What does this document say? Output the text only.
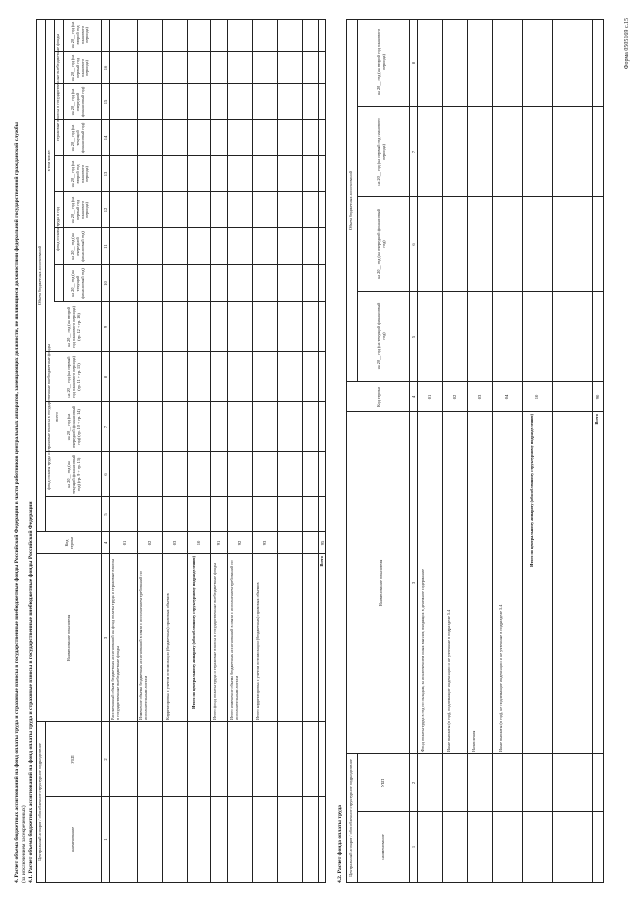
Форма 0505169 с.15
4. Расчет объема бюджетных ассигнований на фонд оплаты труда и страховые взносы в государственные внебюджетные фонды Российской Федерации в части работников центральных аппаратов, замещающих должности, не являющиеся должностями федеральной государственной гражданской службы (за исключением засекреченных) 4.1. Расчет объема бюджетных ассигнований на фонд оплаты труда и страховые взносы в государственные внебюджетные фонды Российской Федерации Центральный аппарат / обособленное структурное подразделение	наименование
УБП
Наименование показателя
Код строки
Объем бюджетных ассигнований
фонд оплаты труда и страховые взносы в государственные внебюджетные фонды всего
в том числе:
фонд оплаты труда в год
страховые взносы в государственные внебюджетные фонды
на 20__ год (на текущий финансовый год) (гр. 9 + гр. 13)
на 20__ год (на очередной финансовый год) (гр. 10 + гр. 14)
на 20__ год (на первый год планового периода) (гр. 11 + гр. 15)
на 20__ год (на второй год планового периода) (гр. 12 + гр. 16)
на 20__ год (на текущий финансовый год)
на 20__ год (на очередной финансовый год)
на 20__ год (на первый год планового периода)
на 20__ год (на второй год планового периода)
на 20__ год (на текущий финансовый год)
на 20__ год (на очередной финансовый год)
на 20__ год (на первый год планового периода)
на 20__ год (на второй год планового периода)
1
2
3
4
5
6
7
8
9
10
11
12
13
14
15
16
Рассчитанный объем бюджетных ассигнований на фонд оплаты труда и страховые взносы в государственные внебюджетные фонды
01
Изменение объема бюджетных ассигнований в связи с исполнением требований по исполнительным листам
02
Корректировка с учетом оптимизации (бюджетных) правовых объемов
03
Итого по центральному аппарату (обособленному структурному подразделению)
10
Итого фонд оплаты труда и страховые взносы в государственные внебюджетные фонды
91
Итого изменение объема бюджетных ассигнований в связи с исполнением требований по исполнительным листам
92
Итого корректировка с учетом оптимизации (бюджетных) правовых объемов
93
Всего
95
4.2. Расчет фонда оплаты труда Центральный аппарат / обособленное структурное подразделение	наименование
УБП
Наименование показателя
Код строки
Объем бюджетных ассигнований
на 20__ год (на текущий финансовый год)
на 20__ год (на очередной финансовый год)
на 20__ год (на первый год планового периода)
на 20__ год (на второй год планового периода)
1
2
3
4
5
6
7
8
Фонд оплаты труда в год по окладам, за исключением иных выплат, входящих в денежное содержание
01
Иные выплаты (в год), подлежащие индексации и не учтенные в подразделе 5.4
02
Начисления
03
Иные выплаты (в год), не подлежащие индексации и не учтенные в подразделе 5.4
04
Итого по центральному аппарату (обособленному структурному подразделению)
10
Всего
90
